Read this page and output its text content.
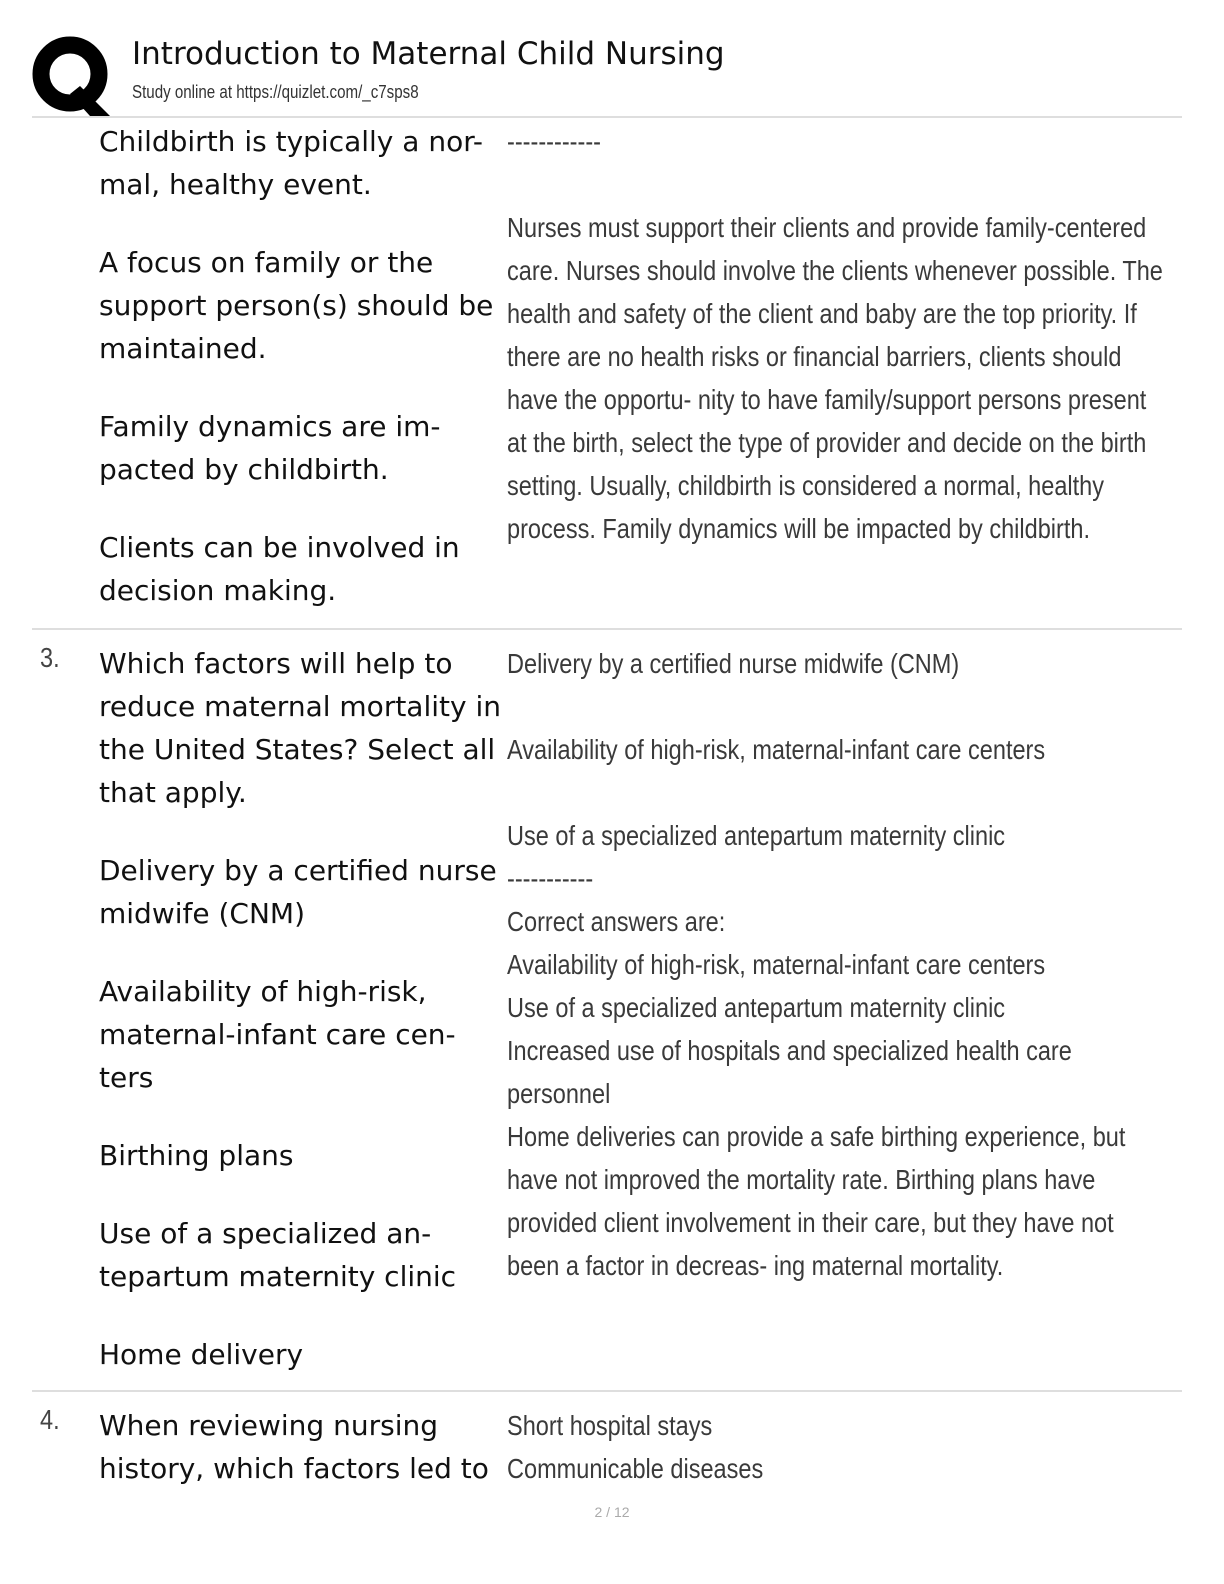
Introduction to Maternal Child Nursing
Study online at https://quizlet.com/_c7sps8

Childbirth is typically a nor- mal, healthy event.

A focus on family or the support person(s) should be maintained.

Family dynamics are im- pacted by childbirth.

Clients can be involved in decision making.

------------

Nurses must support their clients and provide family-centered care. Nurses should involve the clients whenever possible. The health and safety of the client and baby are the top priority. If there are no health risks or financial barriers, clients should have the opportu- nity to have family/support persons present at the birth, select the type of provider and decide on the birth setting. Usually, childbirth is considered a normal, healthy process. Family dynamics will be impacted by childbirth.
3. Which factors will help to reduce maternal mortality in the United States? Select all that apply.

Delivery by a certified nurse midwife (CNM)

Availability of high-risk, maternal-infant care cen- ters

Birthing plans

Use of a specialized an- tepartum maternity clinic

Home delivery

Delivery by a certified nurse midwife (CNM)

Availability of high-risk, maternal-infant care centers

Use of a specialized antepartum maternity clinic
-----------
Correct answers are:
Availability of high-risk, maternal-infant care centers
Use of a specialized antepartum maternity clinic
Increased use of hospitals and specialized health care personnel
Home deliveries can provide a safe birthing experience, but have not improved the mortality rate. Birthing plans have provided client involvement in their care, but they have not been a factor in decreas- ing maternal mortality.
4. When reviewing nursing history, which factors led to

Short hospital stays
Communicable diseases
2 / 12
